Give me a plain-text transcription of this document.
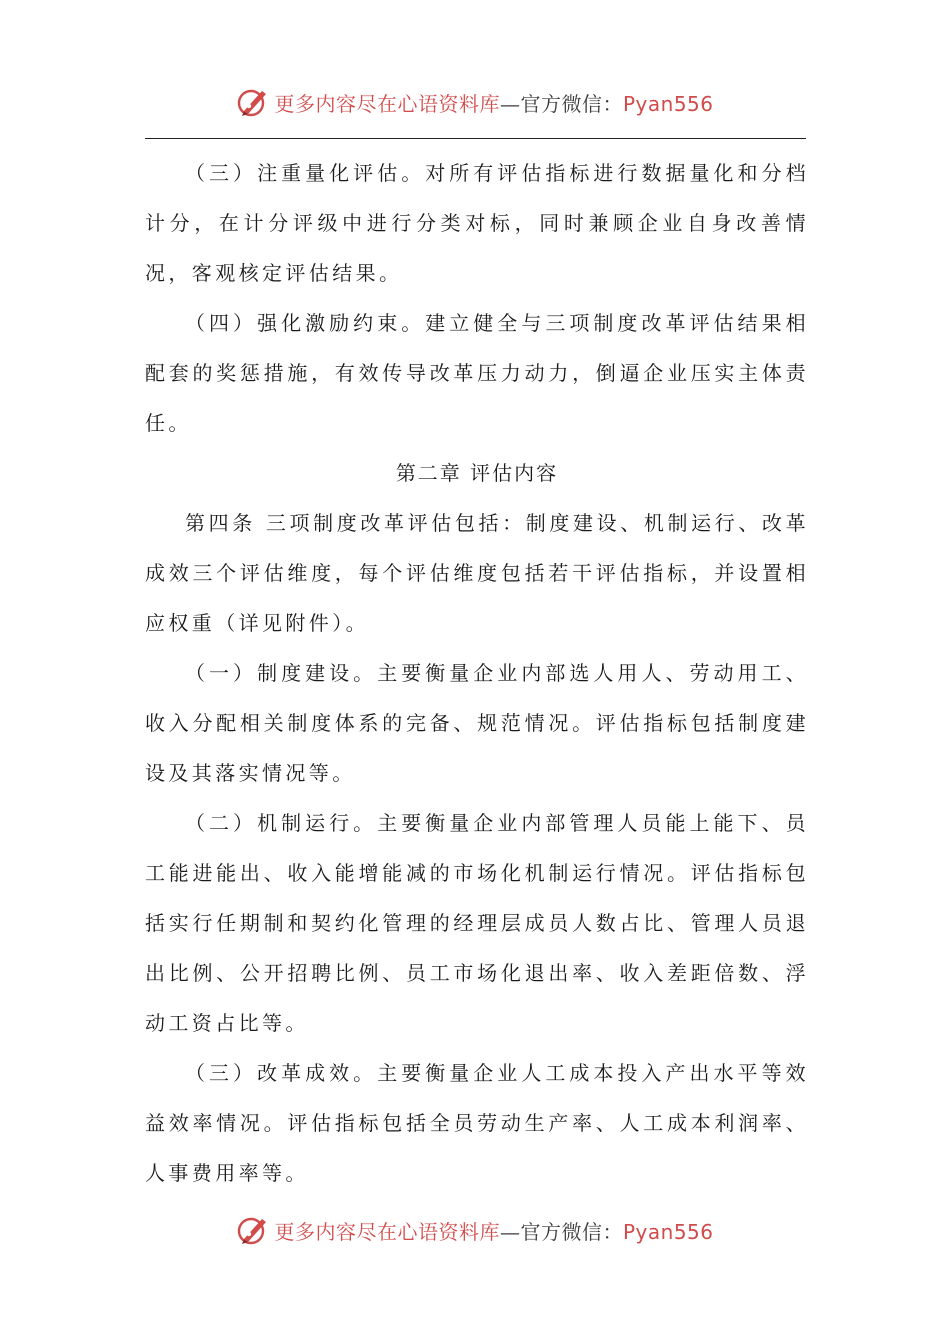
更多内容尽在心语资料库—官方微信：Pyan556

（三）注重量化评估。对所有评估指标进行数据量化和分档计分，在计分评级中进行分类对标，同时兼顾企业自身改善情况，客观核定评估结果。

（四）强化激励约束。建立健全与三项制度改革评估结果相配套的奖惩措施，有效传导改革压力动力，倒逼企业压实主体责任。

第二章 评估内容

第四条 三项制度改革评估包括：制度建设、机制运行、改革成效三个评估维度，每个评估维度包括若干评估指标，并设置相应权重（详见附件）。

（一）制度建设。主要衡量企业内部选人用人、劳动用工、收入分配相关制度体系的完备、规范情况。评估指标包括制度建设及其落实情况等。

（二）机制运行。主要衡量企业内部管理人员能上能下、员工能进能出、收入能增能减的市场化机制运行情况。评估指标包括实行任期制和契约化管理的经理层成员人数占比、管理人员退出比例、公开招聘比例、员工市场化退出率、收入差距倍数、浮动工资占比等。

（三）改革成效。主要衡量企业人工成本投入产出水平等效益效率情况。评估指标包括全员劳动生产率、人工成本利润率、人事费用率等。

更多内容尽在心语资料库—官方微信：Pyan556
